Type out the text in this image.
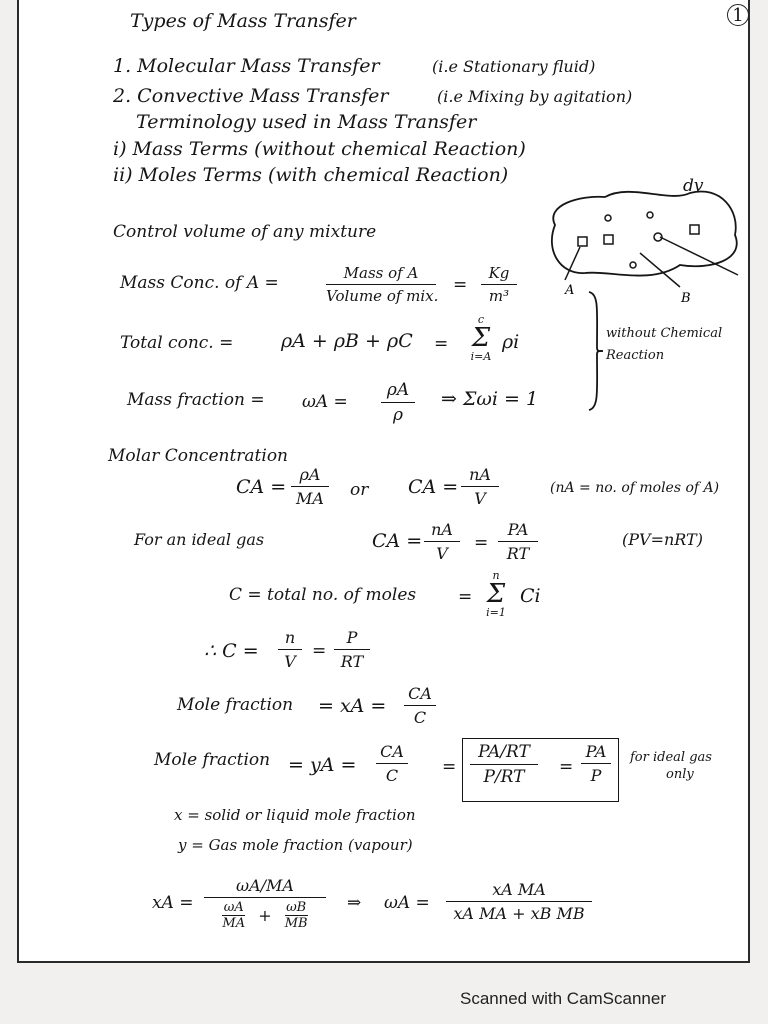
1
Types of Mass Transfer
1. Molecular Mass Transfer	(i.e Stationary fluid)
2. Convective Mass Transfer	(i.e Mixing by agitation)
Terminology used in Mass Transfer
i) Mass Terms (without chemical Reaction)
ii) Moles Terms (with chemical Reaction)
Control volume of any mixture
A
B
dv
Mass Conc. of A =	Mass of A
Volume of mix.
=
Kg
m³
Total conc. =	ρA + ρB + ρC =
c
Σ
i=A
ρi	without Chemical
Reaction
Mass fraction = ωA =
ρA
ρ
⇒ Σωi = 1
Molar Concentration
CA =
ρA
MA or CA =
nA
V
(nA = no. of moles of A)
For an ideal gas	CA =
nA
V
=
PA
RT
(PV=nRT)
C = total no. of moles =
n
Σ
i=1
Ci
∴ C =
n
V
=
P
RT
Mole fraction = xA =
CA
C
Mole fraction = yA =
CA
C	=
PA/RT
P/RT	=
PA
P
for ideal gas
only
x = solid or liquid mole fraction
y = Gas mole fraction (vapour)
xA =
ωA/MA
$\frac{\omega A}{MA} + \frac{\omega B}{MB}$ ⇒ ωA =
xA MA
xA MA + xB MB
Scanned with CamScanner
